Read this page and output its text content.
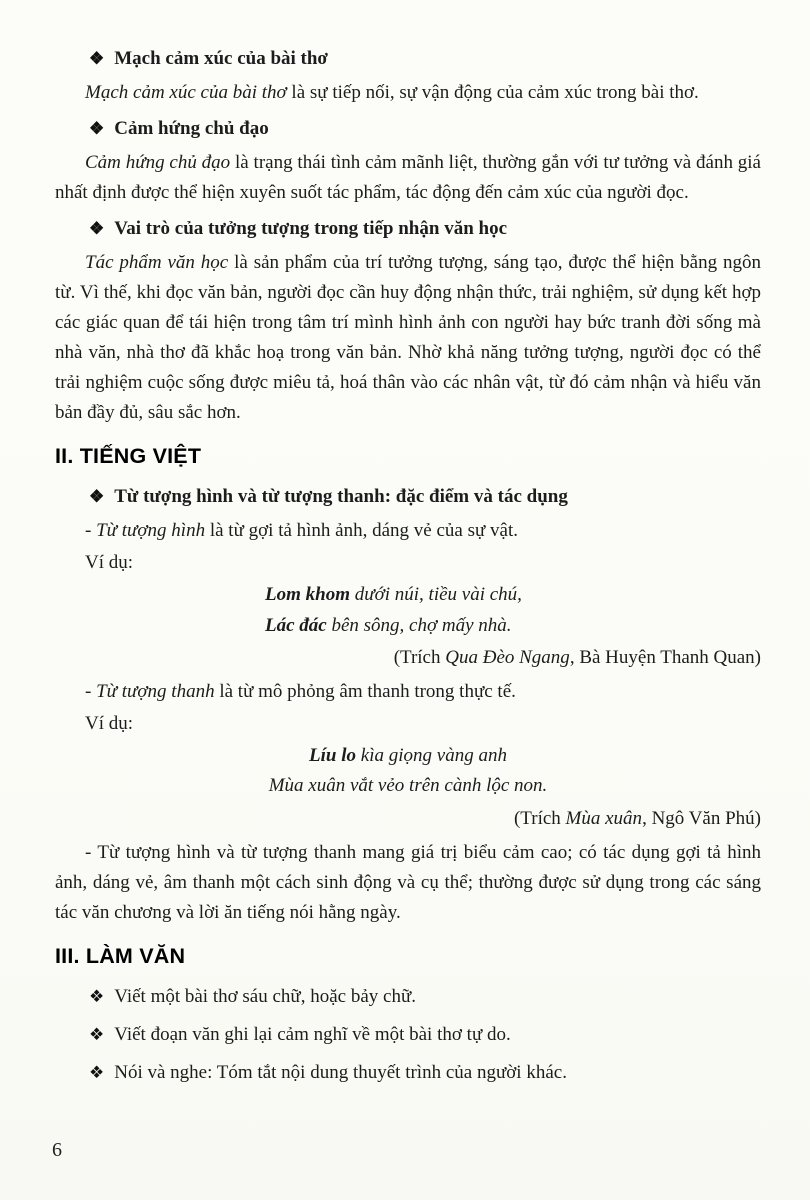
❖ Mạch cảm xúc của bài thơ

Mạch cảm xúc của bài thơ là sự tiếp nối, sự vận động của cảm xúc trong bài thơ.

❖ Cảm hứng chủ đạo

Cảm hứng chủ đạo là trạng thái tình cảm mãnh liệt, thường gắn với tư tưởng và đánh giá nhất định được thể hiện xuyên suốt tác phẩm, tác động đến cảm xúc của người đọc.

❖ Vai trò của tưởng tượng trong tiếp nhận văn học

Tác phẩm văn học là sản phẩm của trí tưởng tượng, sáng tạo, được thể hiện bằng ngôn từ. Vì thế, khi đọc văn bản, người đọc cần huy động nhận thức, trải nghiệm, sử dụng kết hợp các giác quan để tái hiện trong tâm trí mình hình ảnh con người hay bức tranh đời sống mà nhà văn, nhà thơ đã khắc hoạ trong văn bản. Nhờ khả năng tưởng tượng, người đọc có thể trải nghiệm cuộc sống được miêu tả, hoá thân vào các nhân vật, từ đó cảm nhận và hiểu văn bản đầy đủ, sâu sắc hơn.

II. TIẾNG VIỆT
❖ Từ tượng hình và từ tượng thanh: đặc điểm và tác dụng

- Từ tượng hình là từ gợi tả hình ảnh, dáng vẻ của sự vật.

Ví dụ:

Lom khom dưới núi, tiều vài chú,
Lác đác bên sông, chợ mấy nhà.
(Trích Qua Đèo Ngang, Bà Huyện Thanh Quan)

- Từ tượng thanh là từ mô phỏng âm thanh trong thực tế.

Ví dụ:

Líu lo kìa giọng vàng anh
Mùa xuân vắt vẻo trên cành lộc non.
(Trích Mùa xuân, Ngô Văn Phú)

- Từ tượng hình và từ tượng thanh mang giá trị biểu cảm cao; có tác dụng gợi tả hình ảnh, dáng vẻ, âm thanh một cách sinh động và cụ thể; thường được sử dụng trong các sáng tác văn chương và lời ăn tiếng nói hằng ngày.

III. LÀM VĂN
❖ Viết một bài thơ sáu chữ, hoặc bảy chữ.
❖ Viết đoạn văn ghi lại cảm nghĩ về một bài thơ tự do.
❖ Nói và nghe: Tóm tắt nội dung thuyết trình của người khác.
6
